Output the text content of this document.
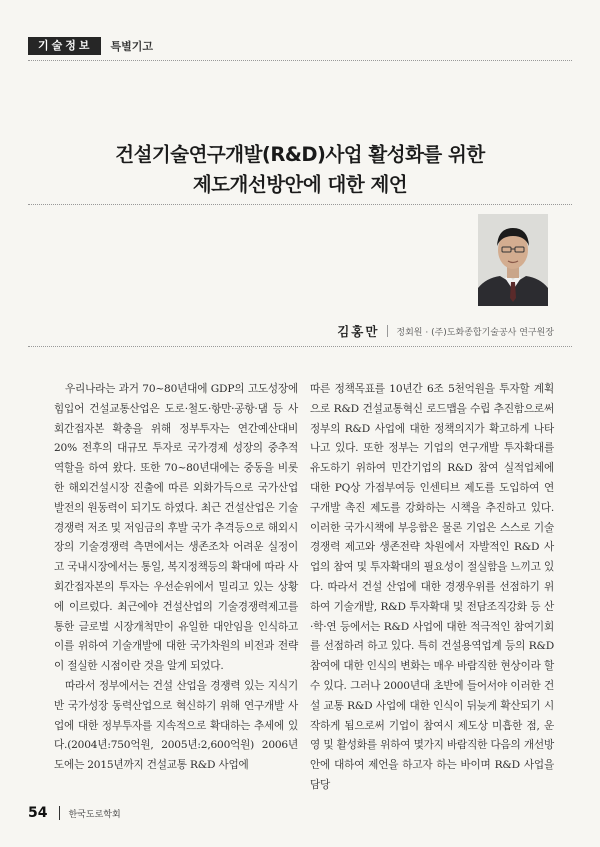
기술정보	특별기고
건설기술연구개발(R&D)사업 활성화를 위한
제도개선방안에 대한 제언
김홍만 정회원 · (주)도화종합기술공사 연구원장

우리나라는 과거 70~80년대에 GDP의 고도성장에 힘입어 건설교통산업은 도로·철도·항만·공항·댐 등 사회간접자본 확충을 위해 정부투자는 연간예산대비 20% 전후의 대규모 투자로 국가경제 성장의 중추적 역할을 하여 왔다. 또한 70~80년대에는 중동을 비롯한 해외건설시장 진출에 따른 외화가득으로 국가산업발전의 원동력이 되기도 하였다. 최근 건설산업은 기술경쟁력 저조 및 저임금의 후발 국가 추격등으로 해외시장의 기술경쟁력 측면에서는 생존조차 어려운 실정이고 국내시장에서는 통일, 복지정책등의 확대에 따라 사회간접자본의 투자는 우선순위에서 밀리고 있는 상황에 이르렀다. 최근에야 건설산업의 기술경쟁력제고를 통한 글로벌 시장개척만이 유일한 대안임을 인식하고 이를 위하여 기술개발에 대한 국가차원의 비전과 전략이 절실한 시점이란 것을 알게 되었다.

따라서 정부에서는 건설 산업을 경쟁력 있는 지식기반 국가성장 동력산업으로 혁신하기 위해 연구개발 사업에 대한 정부투자를 지속적으로 확대하는 추세에 있다.(2004년:750억원, 2005년:2,600억원) 2006년도에는 2015년까지 건설교통 R&D 사업에

따른 정책목표를 10년간 6조 5천억원을 투자할 계획으로 R&D 건설교통혁신 로드맵을 수립 추진함으로써 정부의 R&D 사업에 대한 정책의지가 확고하게 나타나고 있다. 또한 정부는 기업의 연구개발 투자확대를 유도하기 위하여 민간기업의 R&D 참여 실적업체에 대한 PQ상 가점부여등 인센티브 제도를 도입하여 연구개발 촉진 제도를 강화하는 시책을 추진하고 있다. 이러한 국가시책에 부응함은 물론 기업은 스스로 기술경쟁력 제고와 생존전략 차원에서 자발적인 R&D 사업의 참여 및 투자확대의 필요성이 절실함을 느끼고 있다. 따라서 건설 산업에 대한 경쟁우위를 선점하기 위하여 기술개발, R&D 투자확대 및 전담조직강화 등 산·학·연 등에서는 R&D 사업에 대한 적극적인 참여기회를 선점하려 하고 있다. 특히 건설용역업계 등의 R&D 참여에 대한 인식의 변화는 매우 바람직한 현상이라 할 수 있다. 그러나 2000년대 초반에 들어서야 이러한 건설 교통 R&D 사업에 대한 인식이 뒤늦게 확산되기 시작하게 됨으로써 기업이 참여시 제도상 미흡한 점, 운영 및 활성화를 위하여 몇가지 바람직한 다음의 개선방안에 대하여 제언을 하고자 하는 바이며 R&D 사업을 담당

54 한국도로학회
